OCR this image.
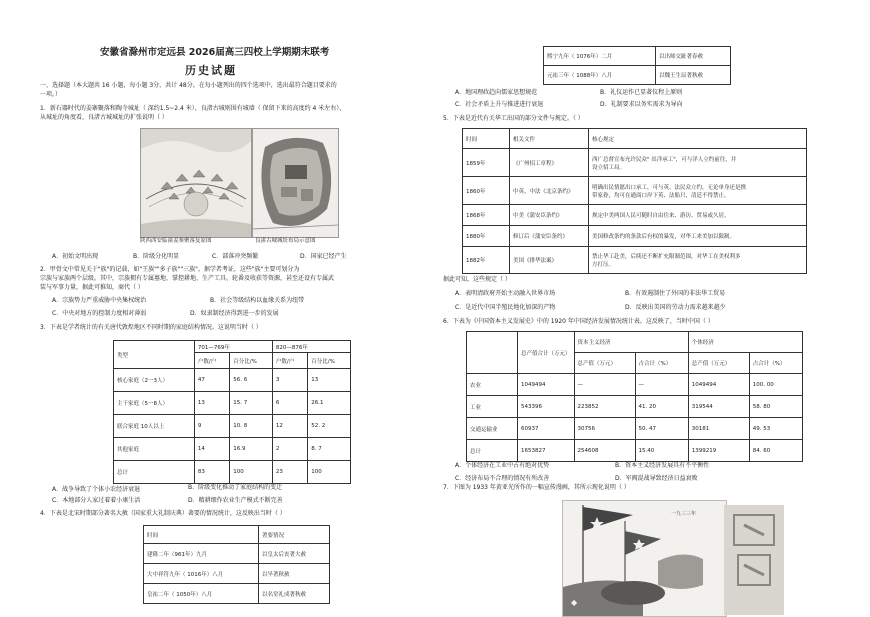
安徽省滁州市定远县 2026届高三四校上学期期末联考
历史试题
一、选择题（本大题共 16 小题，每小题 3分，共计 48分。在每小题列出的四个选项中，选出最符合题目要求的
一项。）
1．新石器时代的姜寨聚落和陶寺城址（ 深约1.5~2.4 米），良渚古城则围有城墙（ 保留下来的高度约 4 米左右），
从城址的角度看，良渚古城城址的扩张说明（ ）
陕西西安临潼姜寨聚落复原图	良渚古城城址布局示意图
A．初始文明出现	B．阶级分化明显	C．部落冲突频繁	D．国家已经产生
2．甲骨文中常见关于"族"的记载，如"王族""多子族""三族"。据学者考证，这些"族"主要可划分为
宗族与家族两个层级。其中，宗族拥有专属墓地、掌控耕地、生产工具、轮番及收获等资源，甚至还设有专属武
装与军事力量，据此可推知，商代（ ）
A．宗族势力严重威胁中央集权统治	B．社会等级结构以血缘关系为纽带
C．中央对地方的控制力度相对薄弱	D．奴隶制经济得到进一步的发展
3．下表是学者统计的有关唐代敦煌地区不同时期的家庭结构情况。这说明当时（ ）
类型	701—769年		820—876年	
	户数/户	百分比/%	户数/户	百分比/%
核心家庭（2一3人）	47	56. 6	3	13
主干家庭（5一8人）	13	15. 7	6	26.1
联合家庭 10人以上	9	10. 8	12	52. 2
其他家庭	14	16.9	2	8. 7
总计	83	100	23	100
A．战争导致了个体小农经济衰退	B．阶级变化推动了家庭结构的变迁
C．本地部分人家过着着小康生活	D．精耕细作农业生产模式不断完善
4．下表是北宋时期部分著名大赦（国家重大礼制庆典）著要的情况统计，这反映出当时（ ）
时间	著要情况
建隆二年（961年）九月	以皇太后丧著大赦
大中祥符九年（ 1016年）八月	以旱著秋赦
皇祐二年（ 1050年）八月	以名堂礼成著秋赦
熙宁九年（ 1076年）二月	以出师交趾著春赦
元祐三年（ 1088年）八月	以魏王生辰著秋赦
A．地国理政趋向儒家思想规范	B．礼仪运作已显著仪程上原则
C．社会矛盾上升与推进进行衰退	D．礼制要求以务实需求为导向
5．下表是近代有关华工出国的部分文件与规定。（ ）
时间	相关文件	核心规定
1859年	《广州招工章程》	西广总督宣布允许民众" 出洋承工"，可与洋人立约前往，并
设立招工局。
1860年	中英、中法《北京条约》	明确出民情愿出口承工，可与英、法民众立约，无论单身还是携
带家眷，均可在通商口岸下英、法船只，清廷不得禁止。
1868年	中美《蒲安臣条约》	规定中美两国人民可随时自由往来、游历、贸易或久居。
1880年	修订后《蒲安臣条约》	美国修改条约的条款后有权的暴发，对华工来美加以限制。
1882年	美国《排华法案》	禁止华工赴美，后续还不断扩充限制范围，对华工在美权利多
方打压。
据此可知，这些规定（ ）
A．表明清政府开始主动融入世界市场	B．有效遏制住了外国的非法华工贸易
C．是近代中国半殖民地化加深的产物	D．反映出美国的劳动力需求越来越少
6．下表为《中国资本主义发展史》中的 1920 年中国经济发展情况统计表。这反映了，当时中国（ ）
	总产值合计（万元）	资本主义经济		个体经济	
		总产值（万元）	占合计（%）	总产值（万元）	占合计（%）
农业	1049494	—	—	1049494	100. 00
工业	543396	223852	41. 20	319544	58. 80
交通运输业	60937	30756	50. 47	30181	49. 53
总计	1653827	254608	15.40	1399219	84. 60
A．个体经济在工业中占有绝对优势	B．资本主义经济发展具有不平衡性
C．经济布局不合理的情况有所改善	D．军阀混战导致经济日益衰败
7．下图为 1933 年黄亚光所作的一幅宣传漫画，其所示现化说明（ ）
◆
一九三三年
